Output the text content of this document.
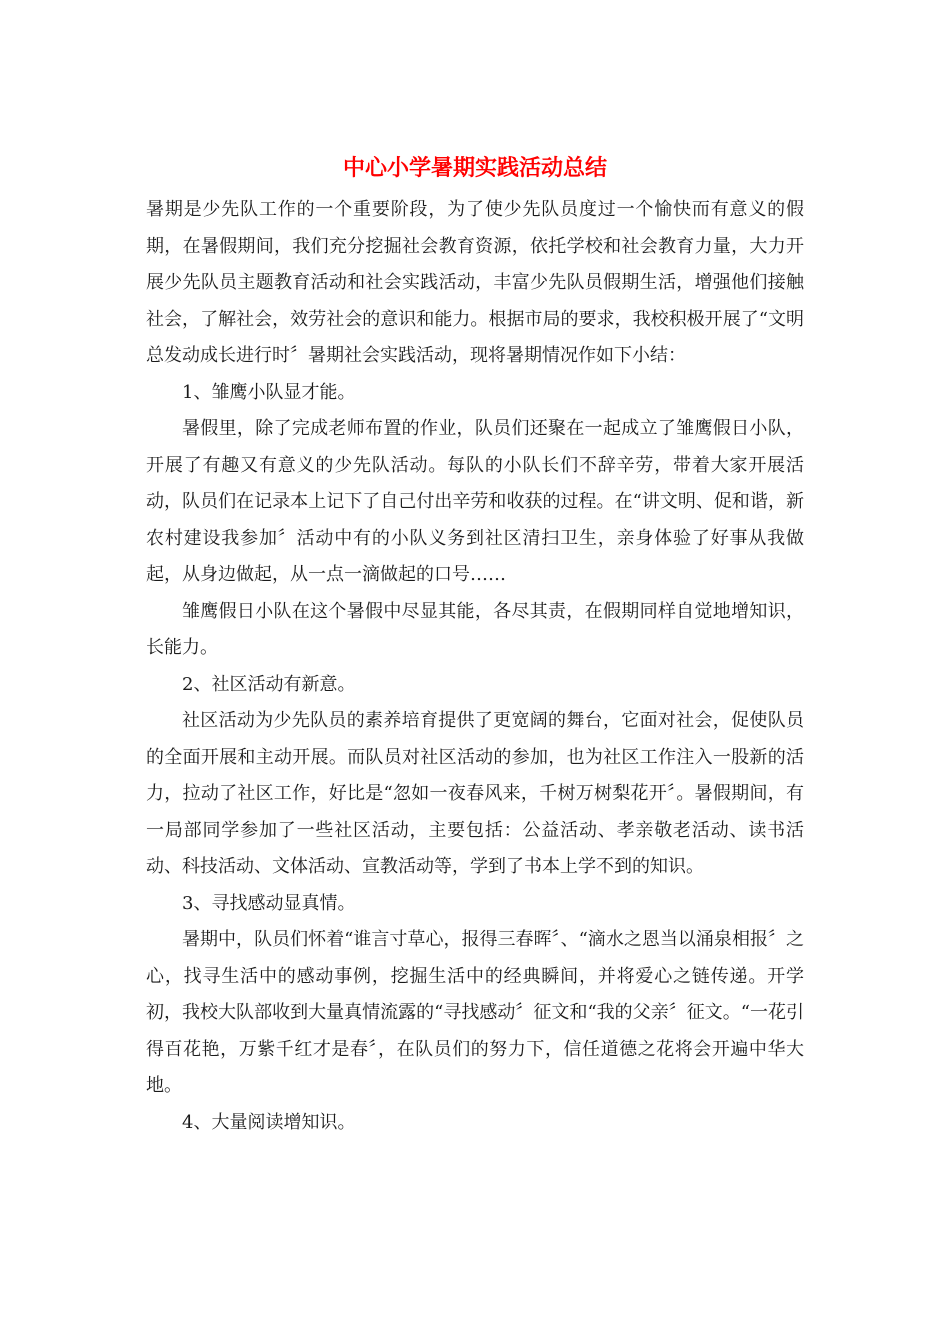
中心小学暑期实践活动总结

暑期是少先队工作的一个重要阶段，为了使少先队员度过一个愉快而有意义的假期，在暑假期间，我们充分挖掘社会教育资源，依托学校和社会教育力量，大力开展少先队员主题教育活动和社会实践活动，丰富少先队员假期生活，增强他们接触社会，了解社会，效劳社会的意识和能力。根据市局的要求，我校积极开展了“文明总发动成长进行时〞暑期社会实践活动，现将暑期情况作如下小结：

1、雏鹰小队显才能。

暑假里，除了完成老师布置的作业，队员们还聚在一起成立了雏鹰假日小队，开展了有趣又有意义的少先队活动。每队的小队长们不辞辛劳，带着大家开展活动，队员们在记录本上记下了自己付出辛劳和收获的过程。在“讲文明、促和谐，新农村建设我参加〞活动中有的小队义务到社区清扫卫生，亲身体验了好事从我做起，从身边做起，从一点一滴做起的口号……

雏鹰假日小队在这个暑假中尽显其能，各尽其责，在假期同样自觉地增知识，长能力。

2、社区活动有新意。

社区活动为少先队员的素养培育提供了更宽阔的舞台，它面对社会，促使队员的全面开展和主动开展。而队员对社区活动的参加，也为社区工作注入一股新的活力，拉动了社区工作，好比是“忽如一夜春风来，千树万树梨花开〞。暑假期间，有一局部同学参加了一些社区活动，主要包括：公益活动、孝亲敬老活动、读书活动、科技活动、文体活动、宣教活动等，学到了书本上学不到的知识。

3、寻找感动显真情。

暑期中，队员们怀着“谁言寸草心，报得三春晖〞、“滴水之恩当以涌泉相报〞之心，找寻生活中的感动事例，挖掘生活中的经典瞬间，并将爱心之链传递。开学初，我校大队部收到大量真情流露的“寻找感动〞征文和“我的父亲〞征文。“一花引得百花艳，万紫千红才是春〞，在队员们的努力下，信任道德之花将会开遍中华大地。

4、大量阅读增知识。
